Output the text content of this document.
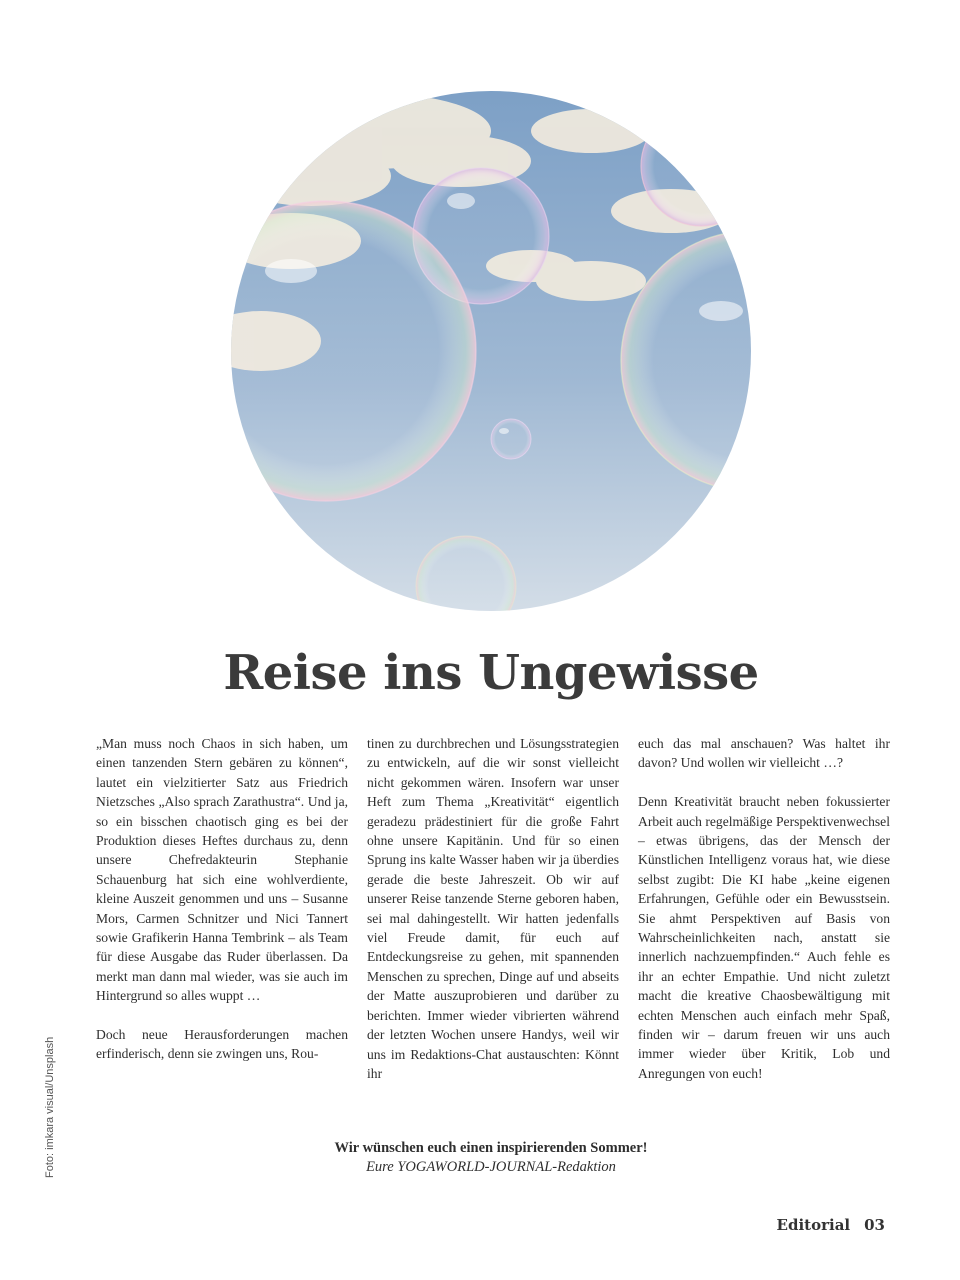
Reise ins Ungewisse

„Man muss noch Chaos in sich haben, um einen tanzenden Stern gebären zu können“, lautet ein vielzitierter Satz aus Friedrich Nietzsches „Also sprach Zarathustra“. Und ja, so ein bisschen chaotisch ging es bei der Produktion dieses Heftes durchaus zu, denn unsere Chefredakteurin Stephanie Schauenburg hat sich eine wohlverdiente, kleine Auszeit genommen und uns – Susanne Mors, Carmen Schnitzer und Nici Tannert sowie Grafikerin Hanna Tembrink – als Team für diese Ausgabe das Ruder überlassen. Da merkt man dann mal wieder, was sie auch im Hintergrund so alles wuppt …

Doch neue Herausforderungen machen erfinderisch, denn sie zwingen uns, Rou-

tinen zu durchbrechen und Lösungsstrategien zu entwickeln, auf die wir sonst vielleicht nicht gekommen wären. Insofern war unser Heft zum Thema „Kreativität“ eigentlich geradezu prädestiniert für die große Fahrt ohne unsere Kapitänin. Und für so einen Sprung ins kalte Wasser haben wir ja überdies gerade die beste Jahreszeit. Ob wir auf unserer Reise tanzende Sterne geboren haben, sei mal dahingestellt. Wir hatten jedenfalls viel Freude damit, für euch auf Entdeckungsreise zu gehen, mit spannenden Menschen zu sprechen, Dinge auf und abseits der Matte auszuprobieren und darüber zu berichten. Immer wieder vibrierten während der letzten Wochen unsere Handys, weil wir uns im Redaktions-Chat austauschten: Könnt ihr

euch das mal anschauen? Was haltet ihr davon? Und wollen wir vielleicht …?

Denn Kreativität braucht neben fokussierter Arbeit auch regelmäßige Perspektivenwechsel – etwas übrigens, das der Mensch der Künstlichen Intelligenz voraus hat, wie diese selbst zugibt: Die KI habe „keine eigenen Erfahrungen, Gefühle oder ein Bewusstsein. Sie ahmt Perspektiven auf Basis von Wahrscheinlichkeiten nach, anstatt sie innerlich nachzuempfinden.“ Auch fehle es ihr an echter Empathie. Und nicht zuletzt macht die kreative Chaosbewältigung mit echten Menschen auch einfach mehr Spaß, finden wir – darum freuen wir uns auch immer wieder über Kritik, Lob und Anregungen von euch!

Wir wünschen euch einen inspirierenden Sommer!
Eure YOGAWORLD-JOURNAL-Redaktion
Foto: imkara visual/Unsplash
Editorial 03
